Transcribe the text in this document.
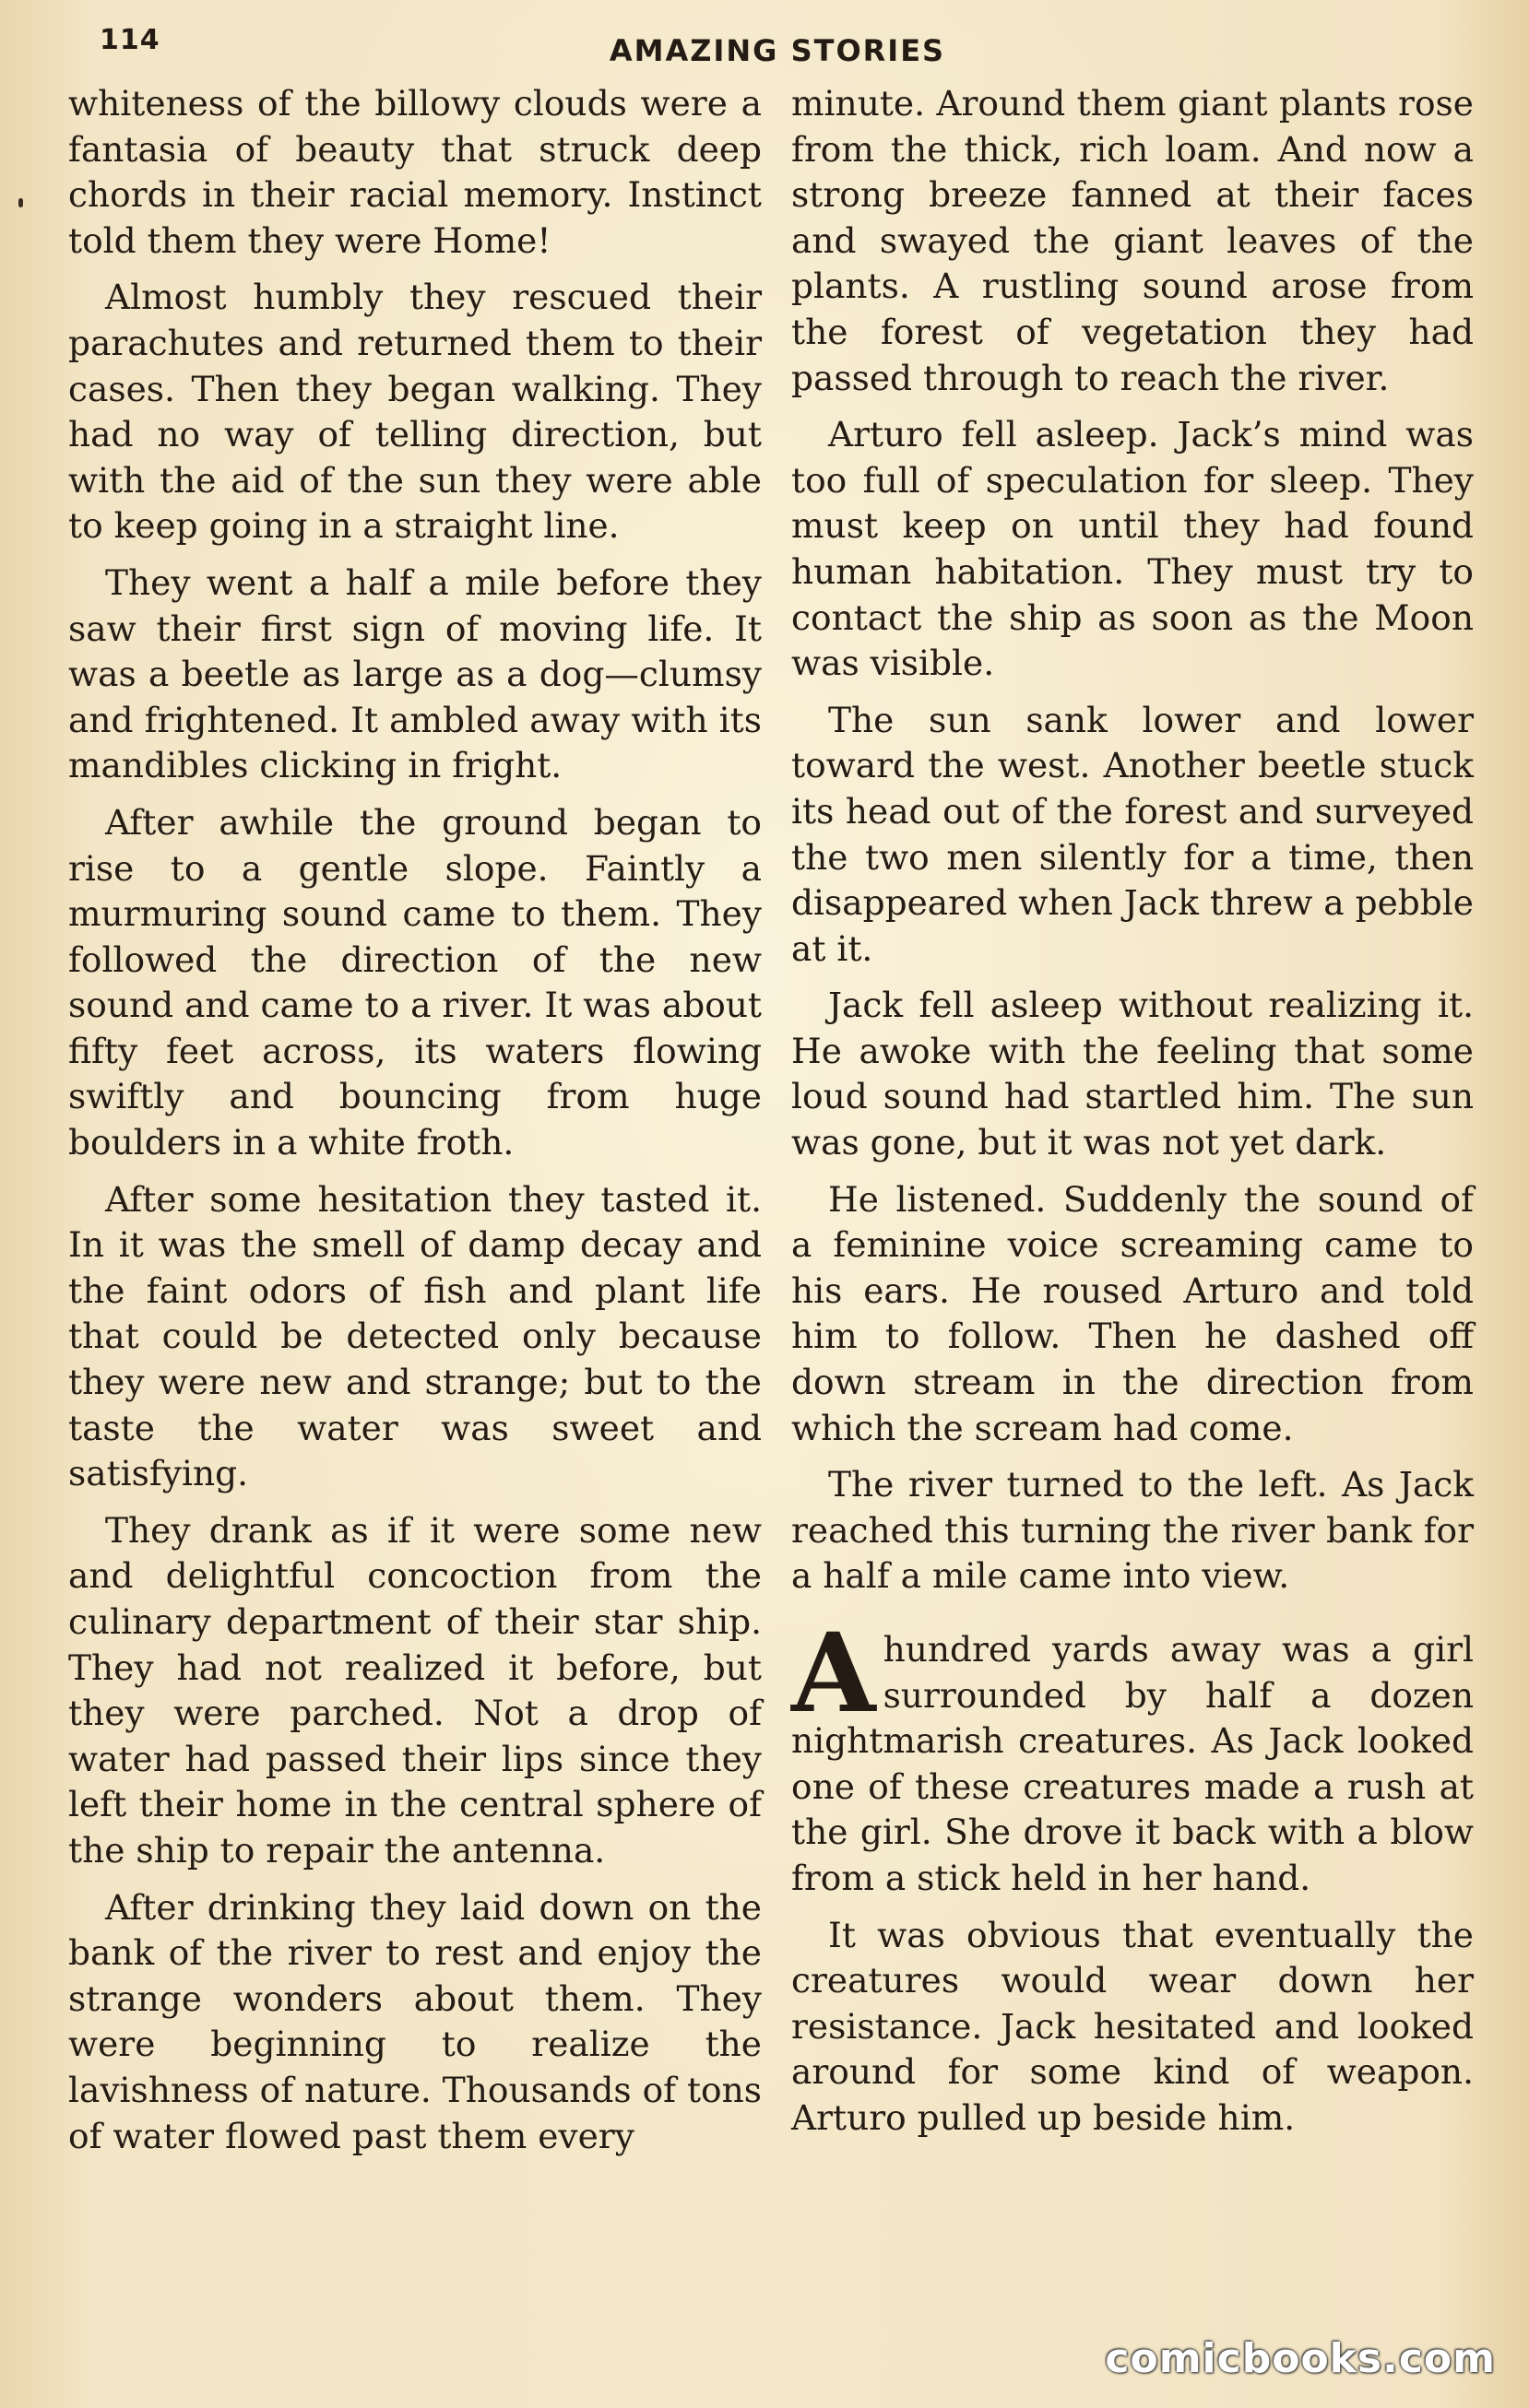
114	AMAZING STORIES

whiteness of the billowy clouds were a fantasia of beauty that struck deep chords in their racial memory. Instinct told them they were Home!

Almost humbly they rescued their parachutes and returned them to their cases. Then they began walking. They had no way of telling direction, but with the aid of the sun they were able to keep going in a straight line.

They went a half a mile before they saw their first sign of moving life. It was a beetle as large as a dog—clumsy and frightened. It ambled away with its mandibles clicking in fright.

After awhile the ground began to rise to a gentle slope. Faintly a murmuring sound came to them. They followed the direction of the new sound and came to a river. It was about fifty feet across, its waters flowing swiftly and bouncing from huge boulders in a white froth.

After some hesitation they tasted it. In it was the smell of damp decay and the faint odors of fish and plant life that could be detected only because they were new and strange; but to the taste the water was sweet and satisfying.

They drank as if it were some new and delightful concoction from the culinary department of their star ship. They had not realized it before, but they were parched. Not a drop of water had passed their lips since they left their home in the central sphere of the ship to repair the antenna.

After drinking they laid down on the bank of the river to rest and enjoy the strange wonders about them. They were beginning to realize the lavishness of nature. Thousands of tons of water flowed past them every

minute. Around them giant plants rose from the thick, rich loam. And now a strong breeze fanned at their faces and swayed the giant leaves of the plants. A rustling sound arose from the forest of vegetation they had passed through to reach the river.

Arturo fell asleep. Jack’s mind was too full of speculation for sleep. They must keep on until they had found human habitation. They must try to contact the ship as soon as the Moon was visible.

The sun sank lower and lower toward the west. Another beetle stuck its head out of the forest and surveyed the two men silently for a time, then disappeared when Jack threw a pebble at it.

Jack fell asleep without realizing it. He awoke with the feeling that some loud sound had startled him. The sun was gone, but it was not yet dark.

He listened. Suddenly the sound of a feminine voice screaming came to his ears. He roused Arturo and told him to follow. Then he dashed off down stream in the direction from which the scream had come.

The river turned to the left. As Jack reached this turning the river bank for a half a mile came into view.

Ahundred yards away was a girl surrounded by half a dozen nightmarish creatures. As Jack looked one of these creatures made a rush at the girl. She drove it back with a blow from a stick held in her hand.

It was obvious that eventually the creatures would wear down her resistance. Jack hesitated and looked around for some kind of weapon. Arturo pulled up beside him.

comicbooks.com
